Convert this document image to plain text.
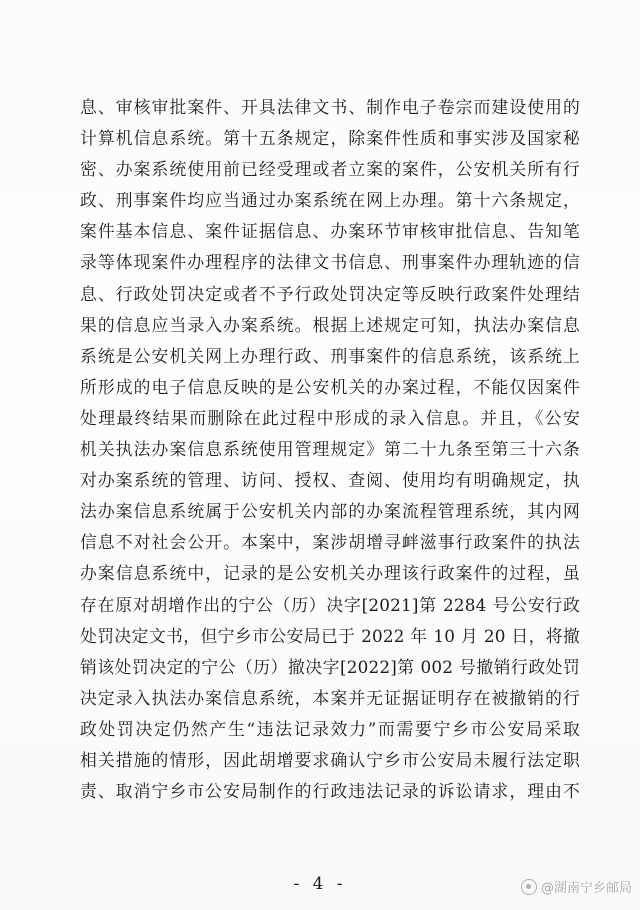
息、审核审批案件、开具法律文书、制作电子卷宗而建设使用的
计算机信息系统。第十五条规定，除案件性质和事实涉及国家秘
密、办案系统使用前已经受理或者立案的案件，公安机关所有行
政、刑事案件均应当通过办案系统在网上办理。第十六条规定，
案件基本信息、案件证据信息、办案环节审核审批信息、告知笔
录等体现案件办理程序的法律文书信息、刑事案件办理轨迹的信
息、行政处罚决定或者不予行政处罚决定等反映行政案件处理结
果的信息应当录入办案系统。根据上述规定可知，执法办案信息
系统是公安机关网上办理行政、刑事案件的信息系统，该系统上
所形成的电子信息反映的是公安机关的办案过程，不能仅因案件
处理最终结果而删除在此过程中形成的录入信息。并且，《公安
机关执法办案信息系统使用管理规定》第二十九条至第三十六条
对办案系统的管理、访问、授权、查阅、使用均有明确规定，执
法办案信息系统属于公安机关内部的办案流程管理系统，其内网
信息不对社会公开。本案中，案涉胡增寻衅滋事行政案件的执法
办案信息系统中，记录的是公安机关办理该行政案件的过程，虽
存在原对胡增作出的宁公（历）决字[2021]第 2284 号公安行政
处罚决定文书，但宁乡市公安局已于 2022 年 10 月 20 日，将撤
销该处罚决定的宁公（历）撤决字[2022]第 002 号撤销行政处罚
决定录入执法办案信息系统，本案并无证据证明存在被撤销的行
政处罚决定仍然产生“违法记录效力”而需要宁乡市公安局采取
相关措施的情形，因此胡增要求确认宁乡市公安局未履行法定职
责、取消宁乡市公安局制作的行政违法记录的诉讼请求，理由不
- 4 -	@湖南宁乡邮局
